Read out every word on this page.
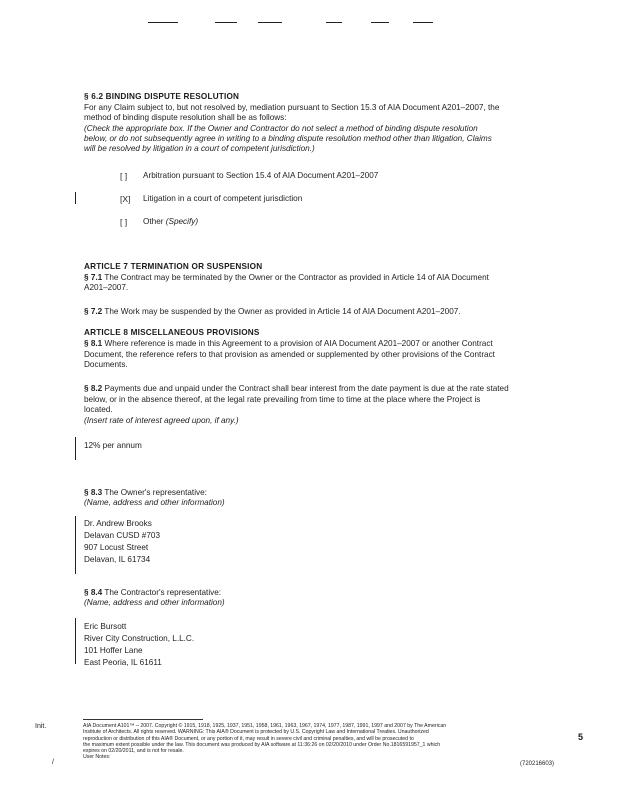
§ 6.2 BINDING DISPUTE RESOLUTION
For any Claim subject to, but not resolved by, mediation pursuant to Section 15.3 of AIA Document A201–2007, the
method of binding dispute resolution shall be as follows:
(Check the appropriate box. If the Owner and Contractor do not select a method of binding dispute resolution
below, or do not subsequently agree in writing to a binding dispute resolution method other than litigation, Claims
will be resolved by litigation in a court of competent jurisdiction.)
[ ] Arbitration pursuant to Section 15.4 of AIA Document A201–2007
[X] Litigation in a court of competent jurisdiction
[ ] Other (Specify)
ARTICLE 7 TERMINATION OR SUSPENSION
§ 7.1 The Contract may be terminated by the Owner or the Contractor as provided in Article 14 of AIA Document
A201–2007.
§ 7.2 The Work may be suspended by the Owner as provided in Article 14 of AIA Document A201–2007.
ARTICLE 8 MISCELLANEOUS PROVISIONS
§ 8.1 Where reference is made in this Agreement to a provision of AIA Document A201–2007 or another Contract
Document, the reference refers to that provision as amended or supplemented by other provisions of the Contract
Documents.
§ 8.2 Payments due and unpaid under the Contract shall bear interest from the date payment is due at the rate stated
below, or in the absence thereof, at the legal rate prevailing from time to time at the place where the Project is
located.
(Insert rate of interest agreed upon, if any.)
12% per annum
§ 8.3 The Owner's representative:
(Name, address and other information)
Dr. Andrew Brooks
Delavan CUSD #703
907 Locust Street
Delavan, IL 61734
§ 8.4 The Contractor's representative:
(Name, address and other information)
Eric Bursott
River City Construction, L.L.C.
101 Hoffer Lane
East Peoria, IL 61611
Init.
/
AIA Document A101™ – 2007. Copyright © 1915, 1918, 1925, 1937, 1951, 1958, 1961, 1963, 1967, 1974, 1977, 1987, 1991, 1997 and 2007 by The American
Institute of Architects. All rights reserved. WARNING: This AIA® Document is protected by U.S. Copyright Law and International Treaties. Unauthorized
reproduction or distribution of this AIA® Document, or any portion of it, may result in severe civil and criminal penalties, and will be prosecuted to
the maximum extent possible under the law. This document was produced by AIA software at 11:36:26 on 02/20/2010 under Order No.1816591957_1 which
expires on 02/20/2011, and is not for resale.
User Notes:
5
(720216603)
